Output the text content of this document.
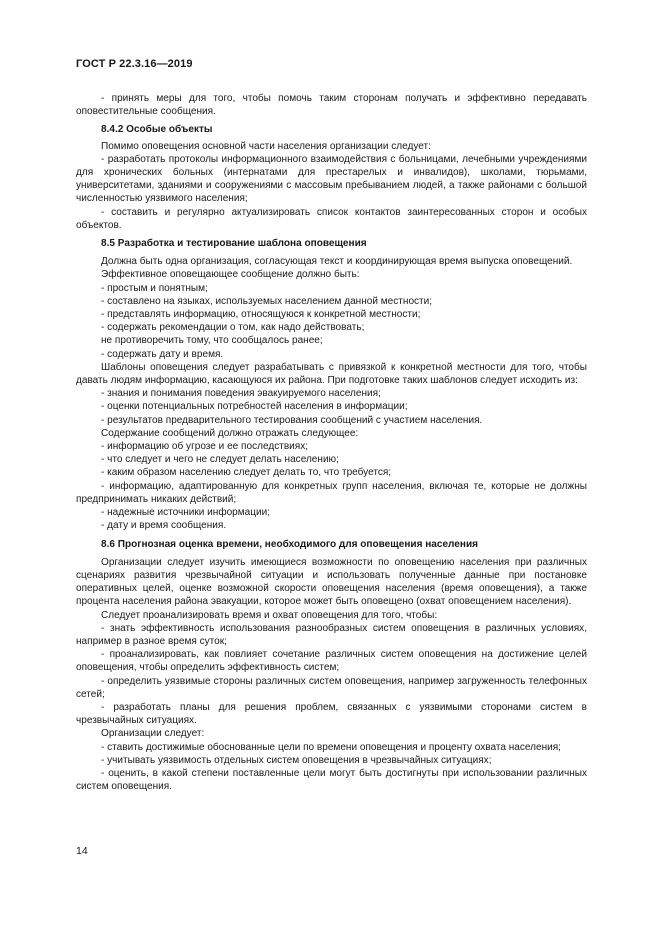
ГОСТ Р 22.3.16—2019

- принять меры для того, чтобы помочь таким сторонам получать и эффективно передавать оповестительные сообщения.

8.4.2 Особые объекты

Помимо оповещения основной части населения организации следует:

- разработать протоколы информационного взаимодействия с больницами, лечебными учреждениями для хронических больных (интернатами для престарелых и инвалидов), школами, тюрьмами, университетами, зданиями и сооружениями с массовым пребыванием людей, а также районами с большой численностью уязвимого населения;

- составить и регулярно актуализировать список контактов заинтересованных сторон и особых объектов.

8.5 Разработка и тестирование шаблона оповещения

Должна быть одна организация, согласующая текст и координирующая время выпуска оповещений.

Эффективное оповещающее сообщение должно быть:

- простым и понятным;

- составлено на языках, используемых населением данной местности;

- представлять информацию, относящуюся к конкретной местности;

- содержать рекомендации о том, как надо действовать;

не противоречить тому, что сообщалось ранее;

- содержать дату и время.

Шаблоны оповещения следует разрабатывать с привязкой к конкретной местности для того, чтобы давать людям информацию, касающуюся их района. При подготовке таких шаблонов следует исходить из:

- знания и понимания поведения эвакуируемого населения;

- оценки потенциальных потребностей населения в информации;

- результатов предварительного тестирования сообщений с участием населения.

Содержание сообщений должно отражать следующее:

- информацию об угрозе и ее последствиях;

- что следует и чего не следует делать населению;

- каким образом населению следует делать то, что требуется;

- информацию, адаптированную для конкретных групп населения, включая те, которые не должны предпринимать никаких действий;

- надежные источники информации;

- дату и время сообщения.

8.6 Прогнозная оценка времени, необходимого для оповещения населения

Организации следует изучить имеющиеся возможности по оповещению населения при различных сценариях развития чрезвычайной ситуации и использовать полученные данные при постановке оперативных целей, оценке возможной скорости оповещения населения (время оповещения), а также процента населения района эвакуации, которое может быть оповещено (охват оповещением населения).

Следует проанализировать время и охват оповещения для того, чтобы:

- знать эффективность использования разнообразных систем оповещения в различных условиях, например в разное время суток;

- проанализировать, как повлияет сочетание различных систем оповещения на достижение целей оповещения, чтобы определить эффективность систем;

- определить уязвимые стороны различных систем оповещения, например загруженность телефонных сетей;

- разработать планы для решения проблем, связанных с уязвимыми сторонами систем в чрезвычайных ситуациях.

Организации следует:

- ставить достижимые обоснованные цели по времени оповещения и проценту охвата населения;

- учитывать уязвимость отдельных систем оповещения в чрезвычайных ситуациях;

- оценить, в какой степени поставленные цели могут быть достигнуты при использовании различных систем оповещения.

14
